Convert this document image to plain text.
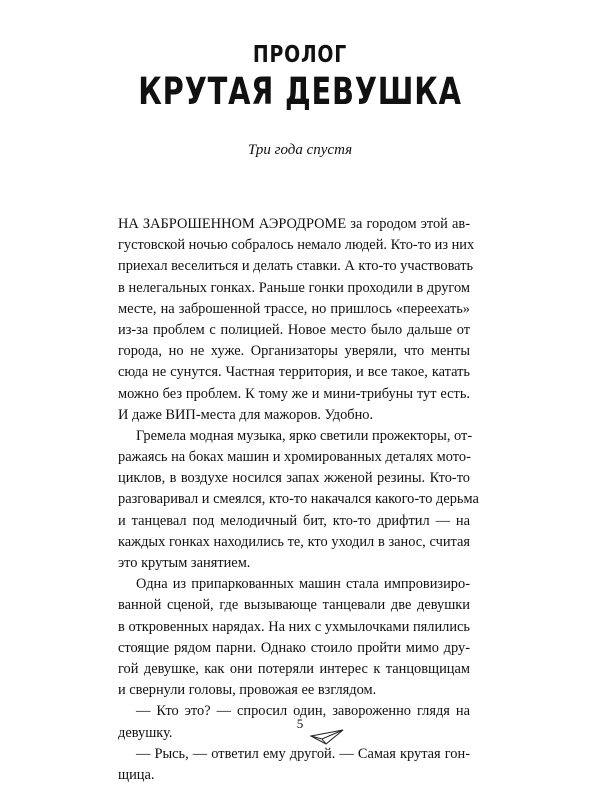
ПРОЛОГ
КРУТАЯ ДЕВУШКА
Три года спустя
НА ЗАБРОШЕННОМ АЭРОДРОМЕ за городом этой ав-
густовской ночью собралось немало людей. Кто-то из них
приехал веселиться и делать ставки. А кто-то участвовать
в нелегальных гонках. Раньше гонки проходили в другом
месте, на заброшенной трассе, но пришлось «переехать»
из-за проблем с полицией. Новое место было дальше от
города, но не хуже. Организаторы уверяли, что менты
сюда не сунутся. Частная территория, и все такое, катать
можно без проблем. К тому же и мини-трибуны тут есть.
И даже ВИП-места для мажоров. Удобно.
Гремела модная музыка, ярко светили прожекторы, от-
ражаясь на боках машин и хромированных деталях мото-
циклов, в воздухе носился запах жженой резины. Кто-то
разговаривал и смеялся, кто-то накачался какого-то дерьма
и танцевал под мелодичный бит, кто-то дрифтил — на
каждых гонках находились те, кто уходил в занос, считая
это крутым занятием.
Одна из припаркованных машин стала импровизиро-
ванной сценой, где вызывающе танцевали две девушки
в откровенных нарядах. На них с ухмылочками пялились
стоящие рядом парни. Однако стоило пройти мимо дру-
гой девушке, как они потеряли интерес к танцовщицам
и свернули головы, провожая ее взглядом.
— Кто это? — спросил один, завороженно глядя на
девушку.
— Рысь, — ответил ему другой. — Самая крутая гон-
щица.
5
